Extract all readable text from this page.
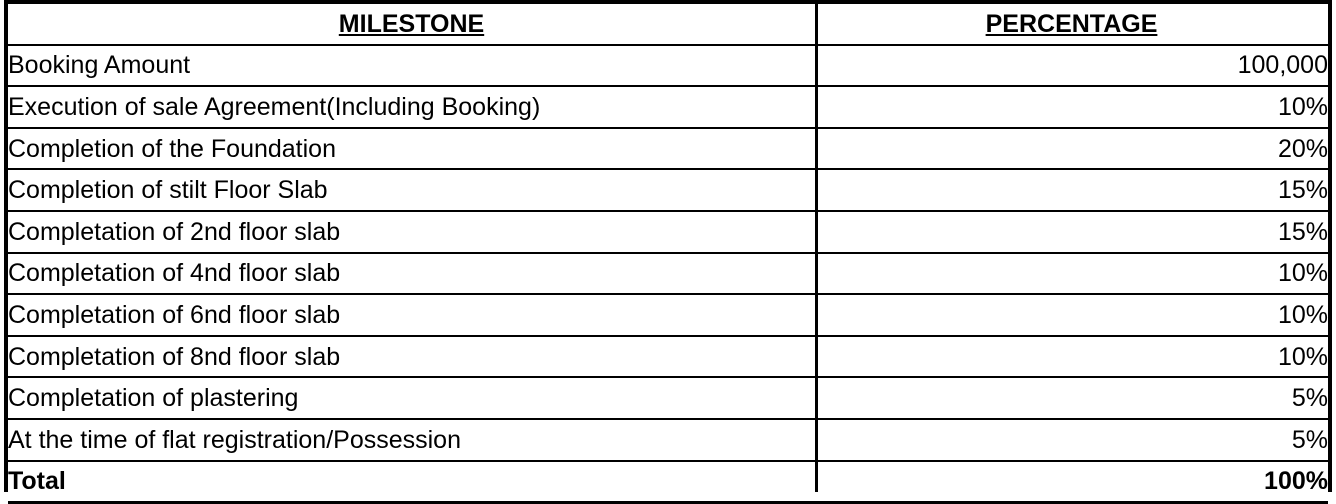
MILESTONE	PERCENTAGE
Booking Amount	100,000
Execution of sale Agreement(Including Booking)	10%
Completion of the Foundation	20%
Completion of stilt Floor Slab	15%
Completation of 2nd floor slab	15%
Completation of 4nd floor slab	10%
Completation of 6nd floor slab	10%
Completation of 8nd floor slab	10%
Completation of plastering	5%
At the time of flat registration/Possession	5%
Total	100%
